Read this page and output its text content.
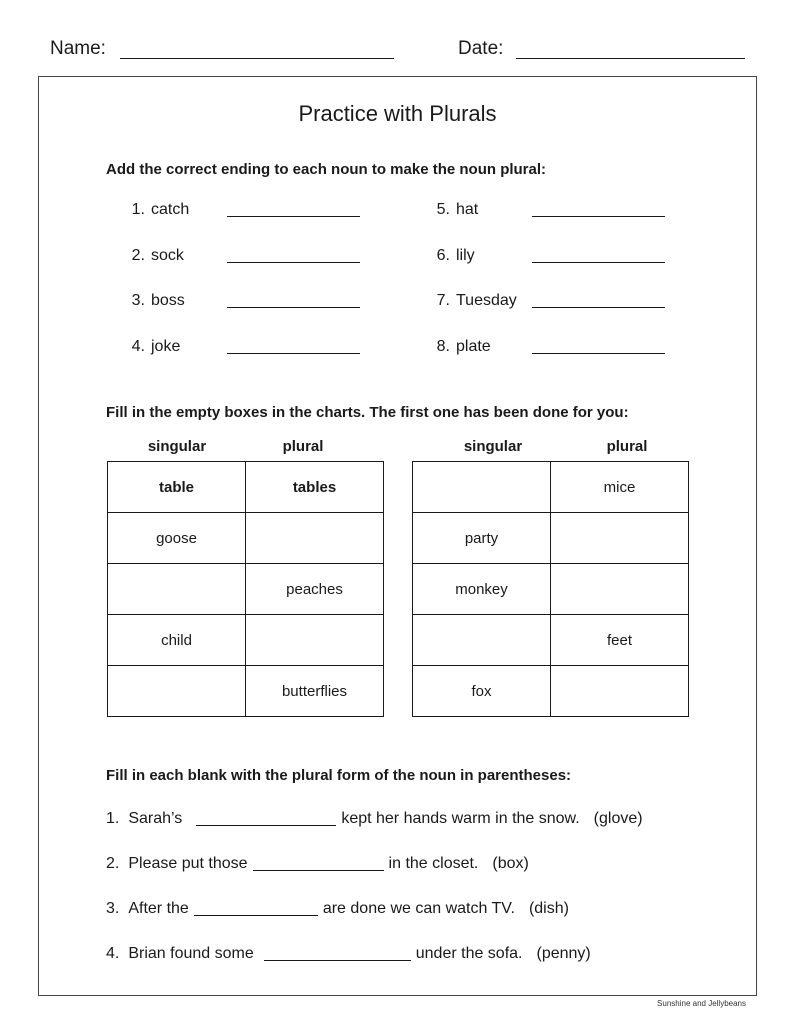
Name:	Date:
Practice with Plurals
Add the correct ending to each noun to make the noun plural:
1. catch
2. sock
3. boss
4. joke
5. hat
6. lily
7. Tuesday
8. plate
Fill in the empty boxes in the charts. The first one has been done for you:
singular	plural	singular	plural
table	tables
goose	
	peaches
child	
	butterflies
	mice
party	
monkey	
	feet
fox	
Fill in each blank with the plural form of the noun in parentheses:
1. Sarah’s	kept her hands warm in the snow. (glove)
2. Please put those	in the closet. (box)
3. After the	are done we can watch TV. (dish)
4. Brian found some	under the sofa. (penny)
Sunshine and Jellybeans
